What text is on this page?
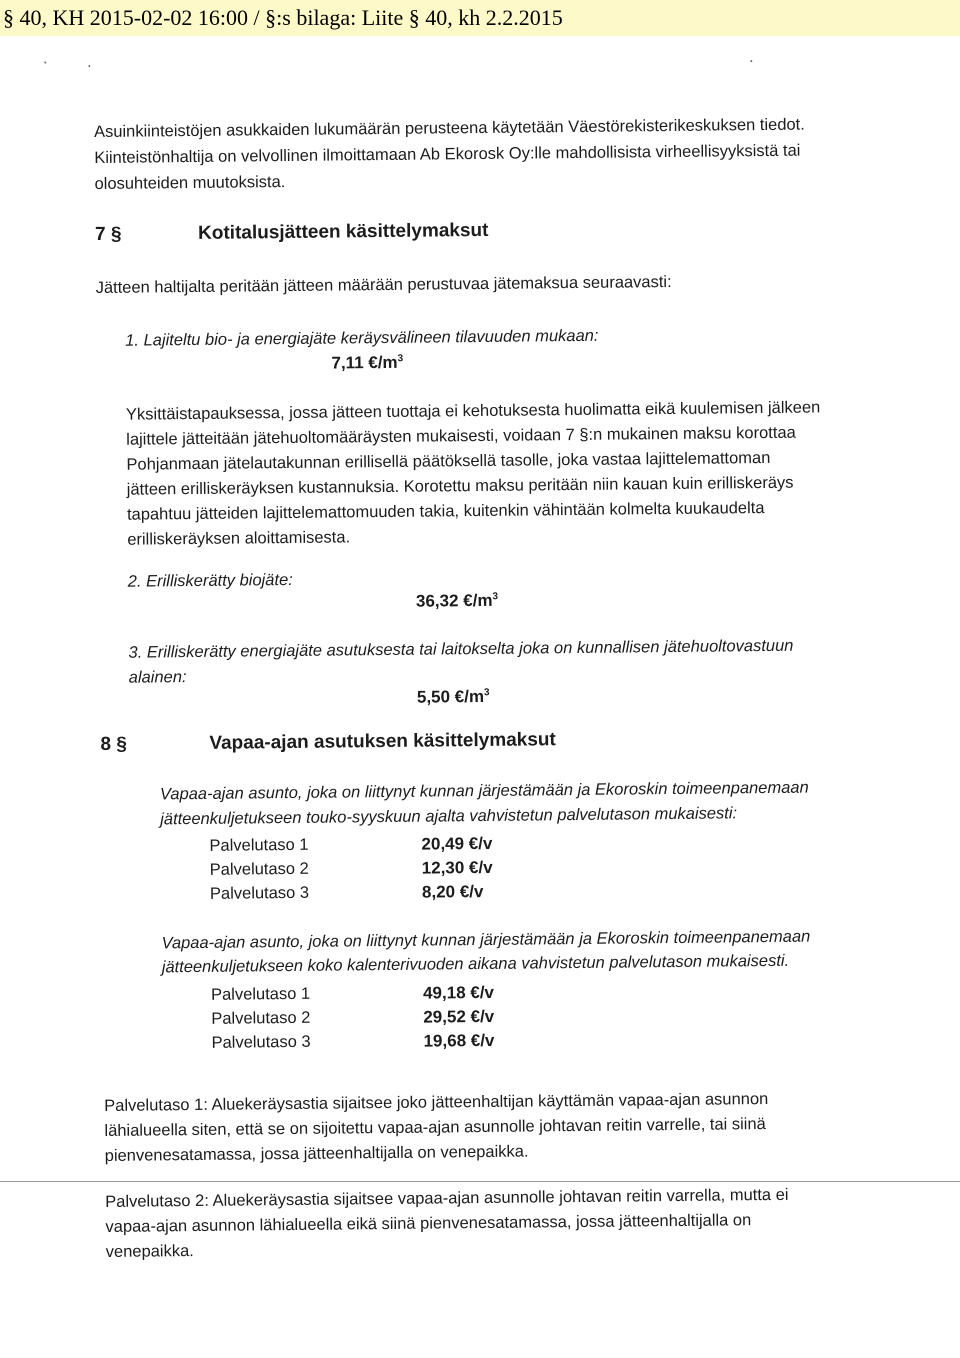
§ 40, KH 2015-02-02 16:00 / §:s bilaga: Liite § 40, kh 2.2.2015
Asuinkiinteistöjen asukkaiden lukumäärän perusteena käytetään Väestörekisterikeskuksen tiedot.
Kiinteistönhaltija on velvollinen ilmoittamaan Ab Ekorosk Oy:lle mahdollisista virheellisyyksistä tai
olosuhteiden muutoksista.
7 §	Kotitalusjätteen käsittelymaksut
Jätteen haltijalta peritään jätteen määrään perustuvaa jätemaksua seuraavasti:
1. Lajiteltu bio- ja energiajäte keräysvälineen tilavuuden mukaan:
7,11 $€/m^3$
Yksittäistapauksessa, jossa jätteen tuottaja ei kehotuksesta huolimatta eikä kuulemisen jälkeen
lajittele jätteitään jätehuoltomääräysten mukaisesti, voidaan 7 §:n mukainen maksu korottaa
Pohjanmaan jätelautakunnan erillisellä päätöksellä tasolle, joka vastaa lajittelemattoman
jätteen erilliskeräyksen kustannuksia. Korotettu maksu peritään niin kauan kuin erilliskeräys
tapahtuu jätteiden lajittelemattomuuden takia, kuitenkin vähintään kolmelta kuukaudelta
erilliskeräyksen aloittamisesta.
2. Erilliskerätty biojäte:
36,32 $€/m^3$
3. Erilliskerätty energiajäte asutuksesta tai laitokselta joka on kunnallisen jätehuoltovastuun
alainen:
5,50 $€/m^3$
8 §	Vapaa-ajan asutuksen käsittelymaksut
Vapaa-ajan asunto, joka on liittynyt kunnan järjestämään ja Ekoroskin toimeenpanemaan
jätteenkuljetukseen touko-syyskuun ajalta vahvistetun palvelutason mukaisesti:
Palvelutaso 1	20,49 €/v
Palvelutaso 2	12,30 €/v
Palvelutaso 3	8,20 €/v
Vapaa-ajan asunto, joka on liittynyt kunnan järjestämään ja Ekoroskin toimeenpanemaan
jätteenkuljetukseen koko kalenterivuoden aikana vahvistetun palvelutason mukaisesti.
Palvelutaso 1	49,18 €/v
Palvelutaso 2	29,52 €/v
Palvelutaso 3	19,68 €/v
Palvelutaso 1: Aluekeräysastia sijaitsee joko jätteenhaltijan käyttämän vapaa-ajan asunnon
lähialueella siten, että se on sijoitettu vapaa-ajan asunnolle johtavan reitin varrelle, tai siinä
pienvenesatamassa, jossa jätteenhaltijalla on venepaikka.
Palvelutaso 2: Aluekeräysastia sijaitsee vapaa-ajan asunnolle johtavan reitin varrella, mutta ei
vapaa-ajan asunnon lähialueella eikä siinä pienvenesatamassa, jossa jätteenhaltijalla on
venepaikka.
